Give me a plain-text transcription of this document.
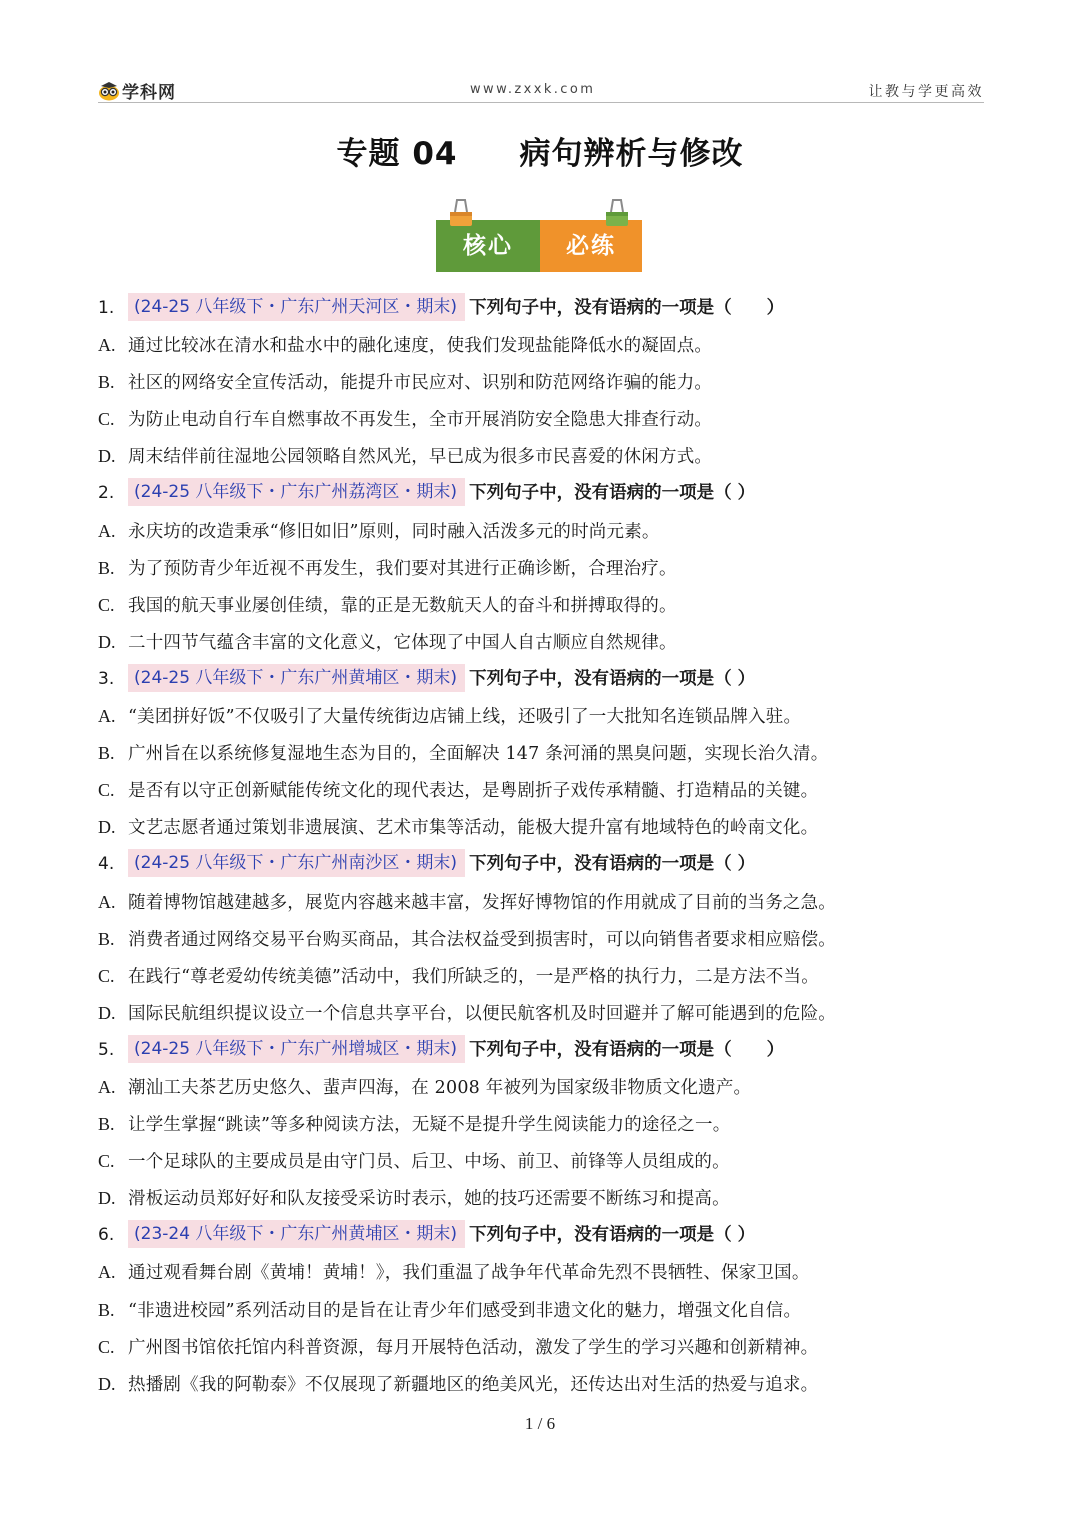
学科网	www.zxxk.com	让教与学更高效
专题 04 病句辨析与修改
核心	必练
1. (24-25 八年级下・广东广州天河区・期末) 下列句子中，没有语病的一项是（　　）
A. 通过比较冰在清水和盐水中的融化速度，使我们发现盐能降低水的凝固点。
B. 社区的网络安全宣传活动，能提升市民应对、识别和防范网络诈骗的能力。
C. 为防止电动自行车自燃事故不再发生，全市开展消防安全隐患大排查行动。
D. 周末结伴前往湿地公园领略自然风光，早已成为很多市民喜爱的休闲方式。
2. (24-25 八年级下・广东广州荔湾区・期末) 下列句子中，没有语病的一项是（ ）
A. 永庆坊的改造秉承“修旧如旧”原则，同时融入活泼多元的时尚元素。
B. 为了预防青少年近视不再发生，我们要对其进行正确诊断，合理治疗。
C. 我国的航天事业屡创佳绩，靠的正是无数航天人的奋斗和拼搏取得的。
D. 二十四节气蕴含丰富的文化意义，它体现了中国人自古顺应自然规律。
3. (24-25 八年级下・广东广州黄埔区・期末) 下列句子中，没有语病的一项是（ ）
A. “美团拼好饭”不仅吸引了大量传统街边店铺上线，还吸引了一大批知名连锁品牌入驻。
B. 广州旨在以系统修复湿地生态为目的，全面解决 147 条河涌的黑臭问题，实现长治久清。
C. 是否有以守正创新赋能传统文化的现代表达，是粤剧折子戏传承精髓、打造精品的关键。
D. 文艺志愿者通过策划非遗展演、艺术市集等活动，能极大提升富有地域特色的岭南文化。
4. (24-25 八年级下・广东广州南沙区・期末) 下列句子中，没有语病的一项是（ ）
A. 随着博物馆越建越多，展览内容越来越丰富，发挥好博物馆的作用就成了目前的当务之急。
B. 消费者通过网络交易平台购买商品，其合法权益受到损害时，可以向销售者要求相应赔偿。
C. 在践行“尊老爱幼传统美德”活动中，我们所缺乏的，一是严格的执行力，二是方法不当。
D. 国际民航组织提议设立一个信息共享平台，以便民航客机及时回避并了解可能遇到的危险。
5. (24-25 八年级下・广东广州增城区・期末) 下列句子中，没有语病的一项是（　　）
A. 潮汕工夫茶艺历史悠久、蜚声四海，在 2008 年被列为国家级非物质文化遗产。
B. 让学生掌握“跳读”等多种阅读方法，无疑不是提升学生阅读能力的途径之一。
C. 一个足球队的主要成员是由守门员、后卫、中场、前卫、前锋等人员组成的。
D. 滑板运动员郑好好和队友接受采访时表示，她的技巧还需要不断练习和提高。
6. (23-24 八年级下・广东广州黄埔区・期末) 下列句子中，没有语病的一项是（ ）
A. 通过观看舞台剧《黄埔！黄埔！》，我们重温了战争年代革命先烈不畏牺牲、保家卫国。
B. “非遗进校园”系列活动目的是旨在让青少年们感受到非遗文化的魅力，增强文化自信。
C. 广州图书馆依托馆内科普资源，每月开展特色活动，激发了学生的学习兴趣和创新精神。
D. 热播剧《我的阿勒泰》不仅展现了新疆地区的绝美风光，还传达出对生活的热爱与追求。
1 / 6
